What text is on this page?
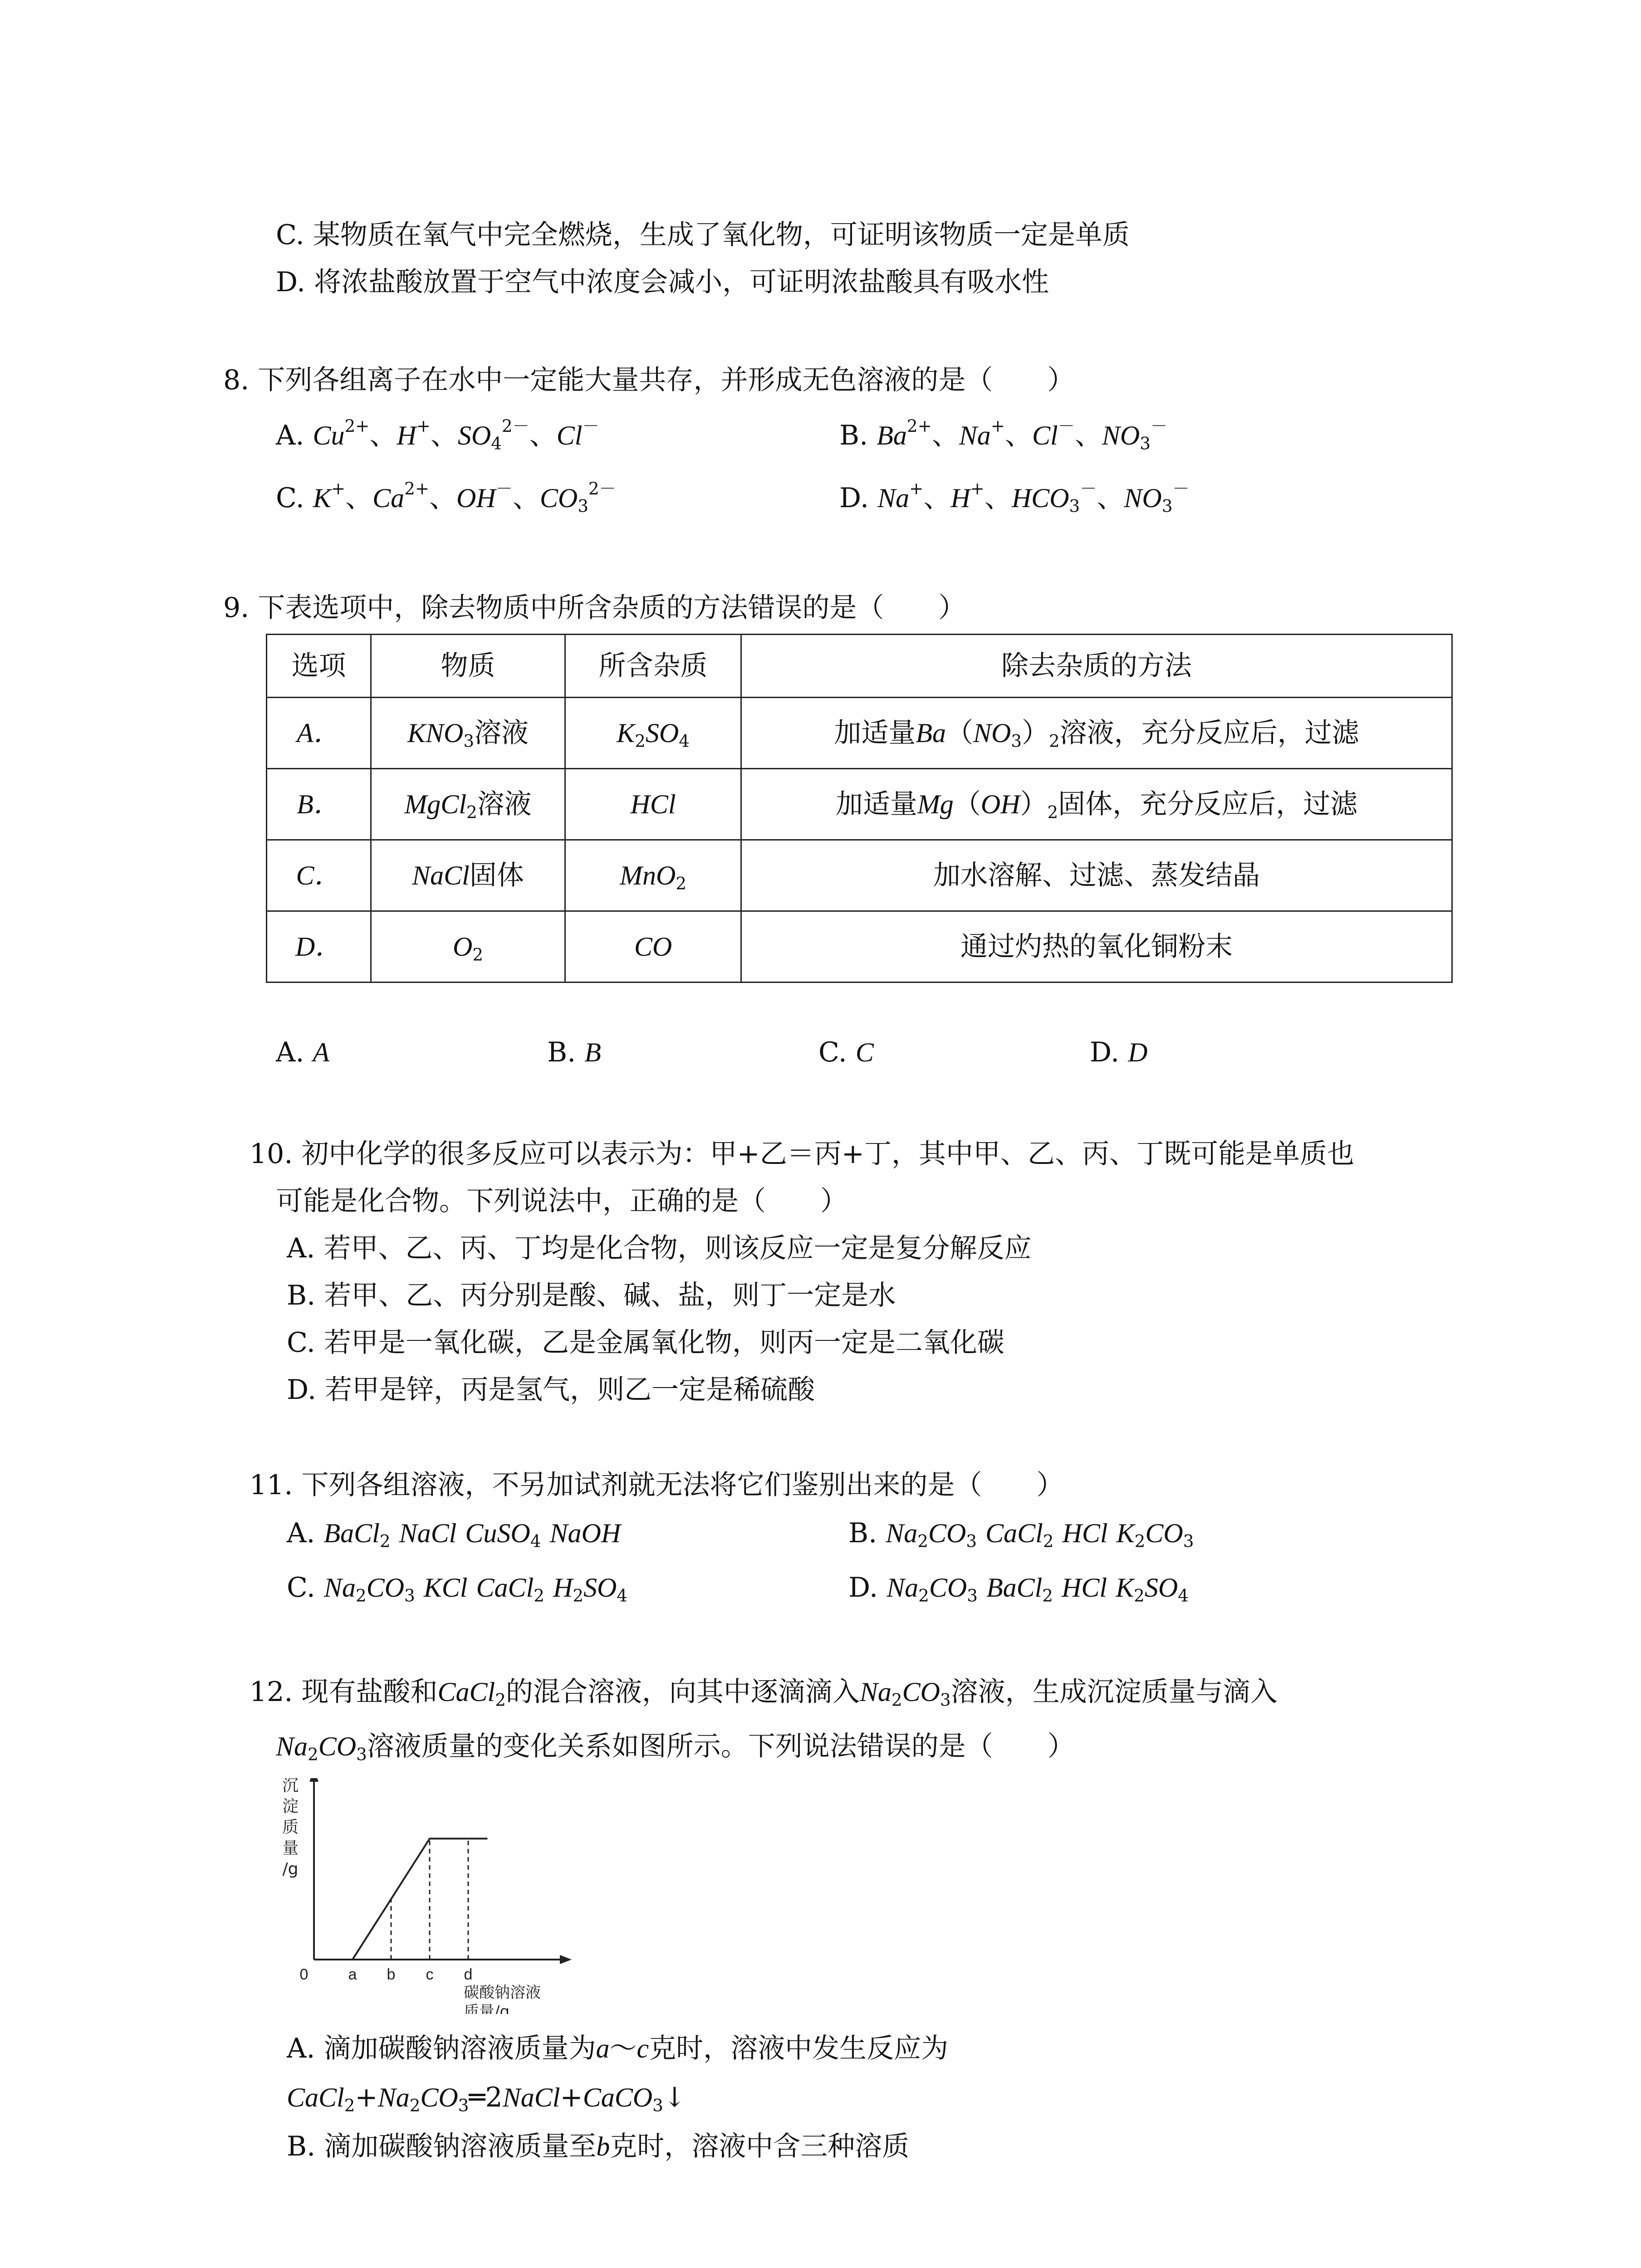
C. 某物质在氧气中完全燃烧，生成了氧化物，可证明该物质一定是单质
D. 将浓盐酸放置于空气中浓度会减小，可证明浓盐酸具有吸水性
8. 下列各组离子在水中一定能大量共存，并形成无色溶液的是（　　）
A. $Cu^{2+}$、H+、$SO_4^{2-}$、Cl－	B. $Ba^{2+}$、Na+、Cl－、$NO_3^-$
C. K+、$Ca^{2+}$、OH－、$CO_3^{2-}$	D. Na+、H+、$HCO_3^-$、$NO_3^-$
9. 下表选项中，除去物质中所含杂质的方法错误的是（　　）
选项	物质	所含杂质	除去杂质的方法
A．	$KNO_3$溶液	$K_2SO_4$	加适量$Ba(NO_3)_2$溶液，充分反应后，过滤
B．	MgCl$_2$溶液	HCl	加适量$Mg(OH)_2$固体，充分反应后，过滤
C．	NaCl固体	MnO$_2$	加水溶解、过滤、蒸发结晶
D．	$O_2$	CO	通过灼热的氧化铜粉末
A. A	B. B	C. C	D. D
10. 初中化学的很多反应可以表示为：甲+乙＝丙+丁，其中甲、乙、丙、丁既可能是单质也
可能是化合物。下列说法中，正确的是（　　）
A. 若甲、乙、丙、丁均是化合物，则该反应一定是复分解反应
B. 若甲、乙、丙分别是酸、碱、盐，则丁一定是水
C. 若甲是一氧化碳，乙是金属氧化物，则丙一定是二氧化碳
D. 若甲是锌，丙是氢气，则乙一定是稀硫酸
11. 下列各组溶液，不另加试剂就无法将它们鉴别出来的是（　　）
A. BaCl$_2$ NaCl CuSO$_4$ NaOH	B. $Na_2CO_3$ CaCl$_2$ HCl $K_2CO_3$
C. $Na_2CO_3$ KCl CaCl$_2$ $H_2SO_4$	D. $Na_2CO_3$ BaCl$_2$ HCl $K_2SO_4$
12. 现有盐酸和CaCl$_2$的混合溶液，向其中逐滴滴入$Na_2CO_3$溶液，生成沉淀质量与滴入
$Na_2CO_3$溶液质量的变化关系如图所示。下列说法错误的是（　　）
a b c d
0
沉
淀
质
量
/g
碳酸钠溶液
质量/g
A. 滴加碳酸钠溶液质量为a～c克时，溶液中发生反应为
$CaCl_2+Na_2CO_3═2NaCl+CaCO_3↓$
B. 滴加碳酸钠溶液质量至b克时，溶液中含三种溶质
